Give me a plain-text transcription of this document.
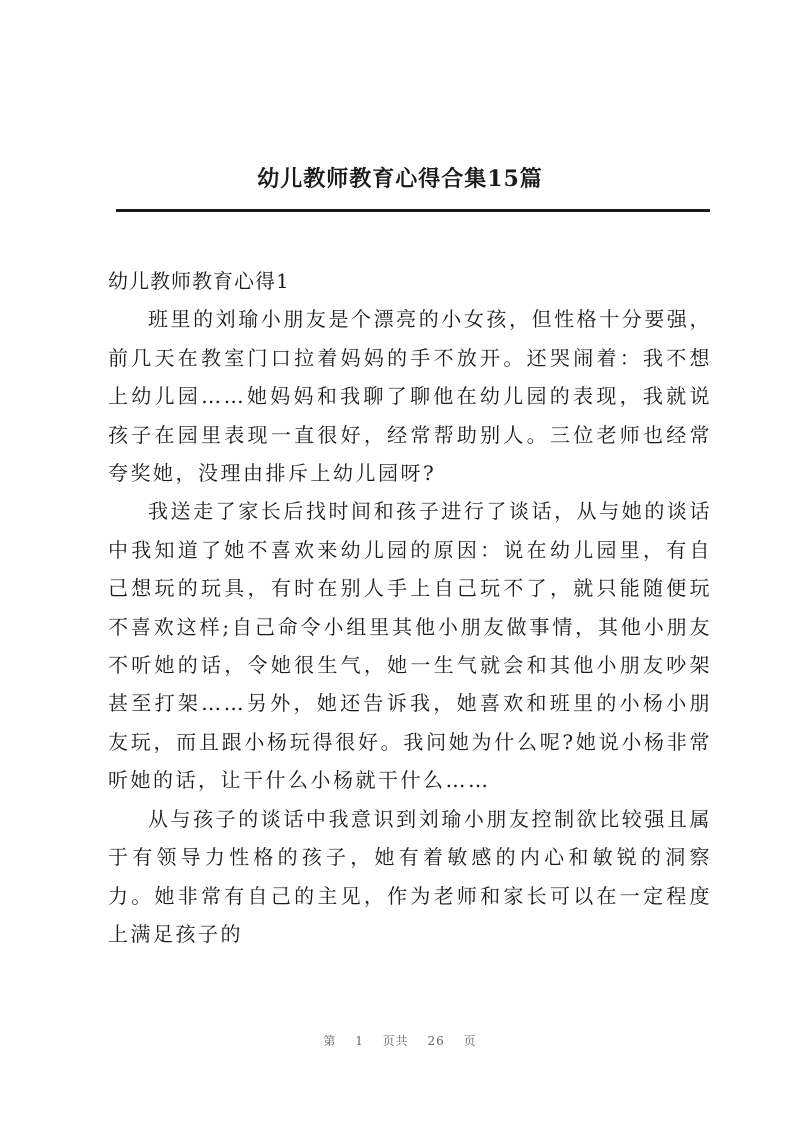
幼儿教师教育心得合集15篇

幼儿教师教育心得1

班里的刘瑜小朋友是个漂亮的小女孩，但性格十分要强，前几天在教室门口拉着妈妈的手不放开。还哭闹着：我不想上幼儿园……她妈妈和我聊了聊他在幼儿园的表现，我就说孩子在园里表现一直很好，经常帮助别人。三位老师也经常夸奖她，没理由排斥上幼儿园呀?

我送走了家长后找时间和孩子进行了谈话，从与她的谈话中我知道了她不喜欢来幼儿园的原因：说在幼儿园里，有自己想玩的玩具，有时在别人手上自己玩不了，就只能随便玩不喜欢这样;自己命令小组里其他小朋友做事情，其他小朋友不听她的话，令她很生气，她一生气就会和其他小朋友吵架甚至打架……另外，她还告诉我，她喜欢和班里的小杨小朋友玩，而且跟小杨玩得很好。我问她为什么呢?她说小杨非常听她的话，让干什么小杨就干什么……

从与孩子的谈话中我意识到刘瑜小朋友控制欲比较强且属于有领导力性格的孩子，她有着敏感的内心和敏锐的洞察力。她非常有自己的主见，作为老师和家长可以在一定程度上满足孩子的

第 1 页共 26 页
